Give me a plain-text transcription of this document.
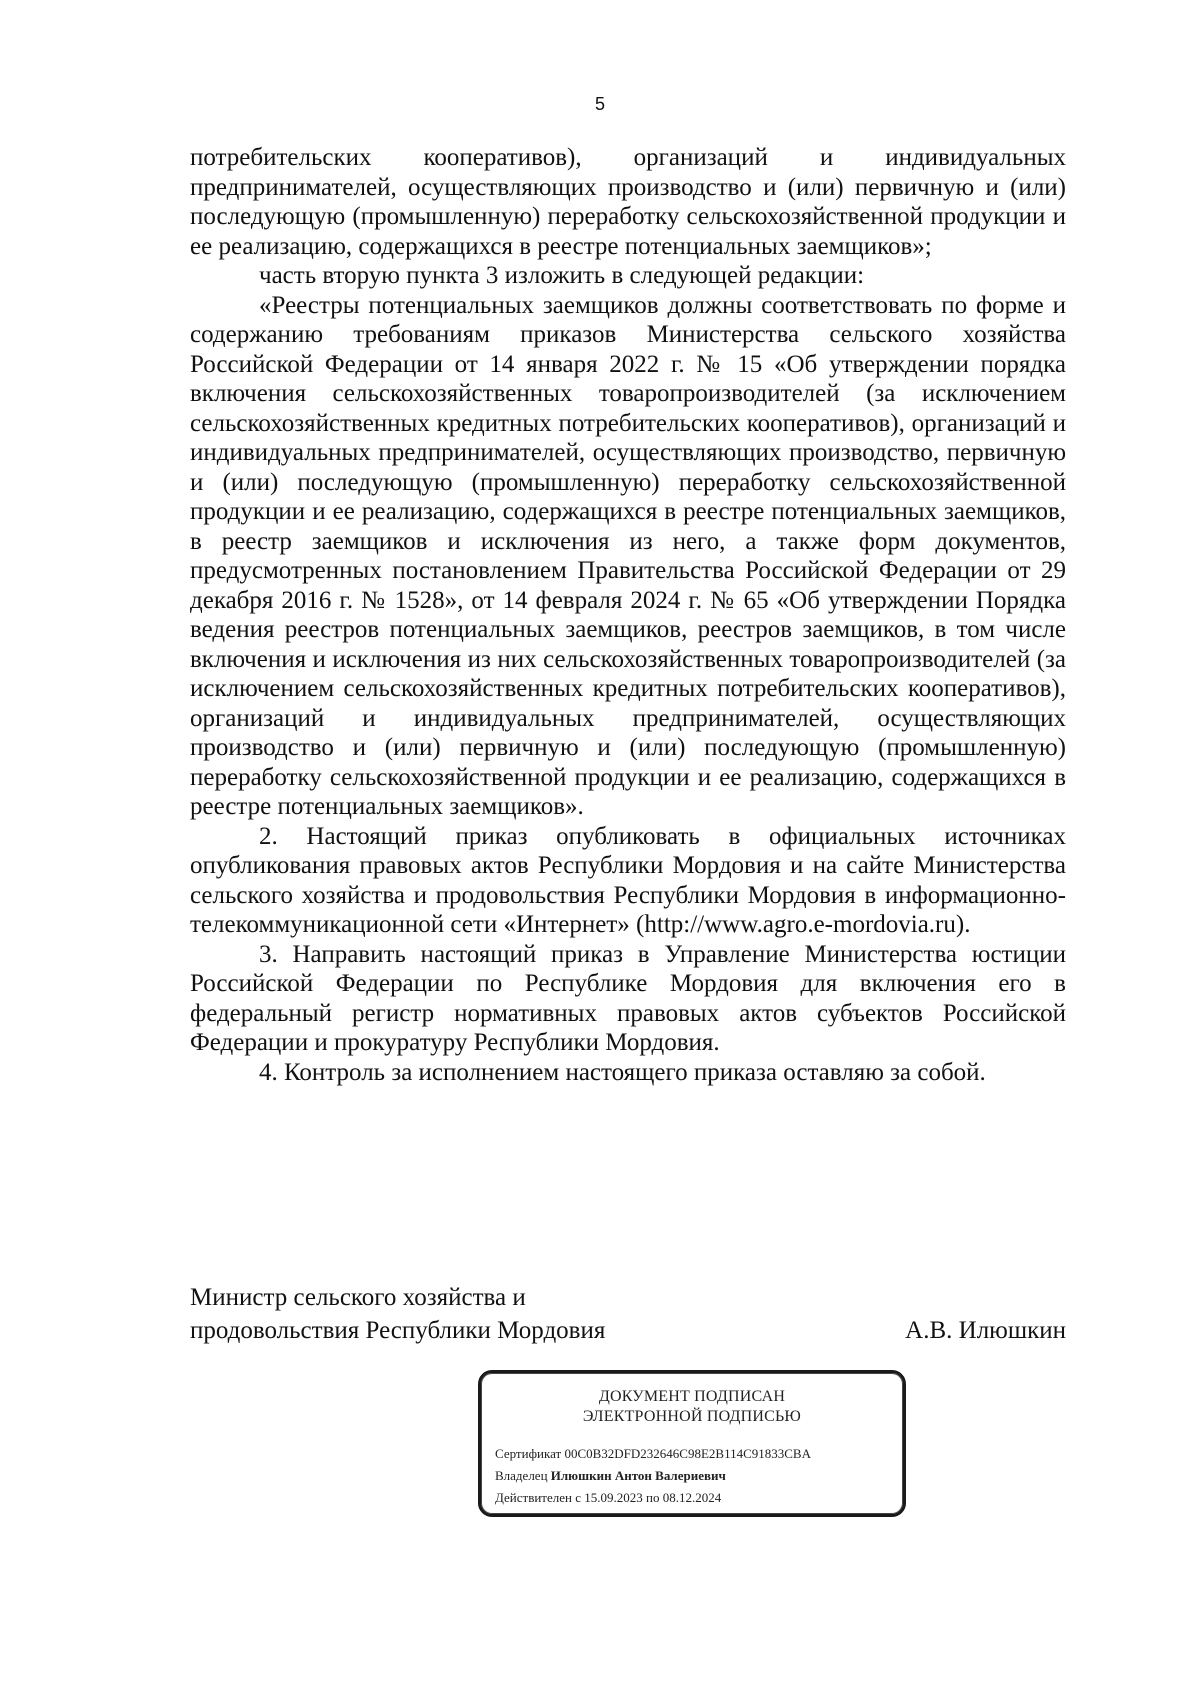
5

потребительских кооперативов), организаций и индивидуальных предпринимателей, осуществляющих производство и (или) первичную и (или) последующую (промышленную) переработку сельскохозяйственной продукции и ее реализацию, содержащихся в реестре потенциальных заемщиков»;

часть вторую пункта 3 изложить в следующей редакции:

«Реестры потенциальных заемщиков должны соответствовать по форме и содержанию требованиям приказов Министерства сельского хозяйства Российской Федерации от 14 января 2022 г. № 15 «Об утверждении порядка включения сельскохозяйственных товаропроизводителей (за исключением сельскохозяйственных кредитных потребительских кооперативов), организаций и индивидуальных предпринимателей, осуществляющих производство, первичную и (или) последующую (промышленную) переработку сельскохозяйственной продукции и ее реализацию, содержащихся в реестре потенциальных заемщиков, в реестр заемщиков и исключения из него, а также форм документов, предусмотренных постановлением Правительства Российской Федерации от 29 декабря 2016 г. № 1528», от 14 февраля 2024 г. № 65 «Об утверждении Порядка ведения реестров потенциальных заемщиков, реестров заемщиков, в том числе включения и исключения из них сельскохозяйственных товаропроизводителей (за исключением сельскохозяйственных кредитных потребительских кооперативов), организаций и индивидуальных предпринимателей, осуществляющих производство и (или) первичную и (или) последующую (промышленную) переработку сельскохозяйственной продукции и ее реализацию, содержащихся в реестре потенциальных заемщиков».

2. Настоящий приказ опубликовать в официальных источниках опубликования правовых актов Республики Мордовия и на сайте Министерства сельского хозяйства и продовольствия Республики Мордовия в информационно-телекоммуникационной сети «Интернет» (http://www.agro.e-mordovia.ru).

3. Направить настоящий приказ в Управление Министерства юстиции Российской Федерации по Республике Мордовия для включения его в федеральный регистр нормативных правовых актов субъектов Российской Федерации и прокуратуру Республики Мордовия.

4. Контроль за исполнением настоящего приказа оставляю за собой.

Министр сельского хозяйства и
продовольствия Республики Мордовия	А.В. Илюшкин
ДОКУМЕНТ ПОДПИСАН
ЭЛЕКТРОННОЙ ПОДПИСЬЮ
Сертификат 00C0B32DFD232646C98E2B114C91833CBA
Владелец Илюшкин Антон Валериевич
Действителен с 15.09.2023 по 08.12.2024
